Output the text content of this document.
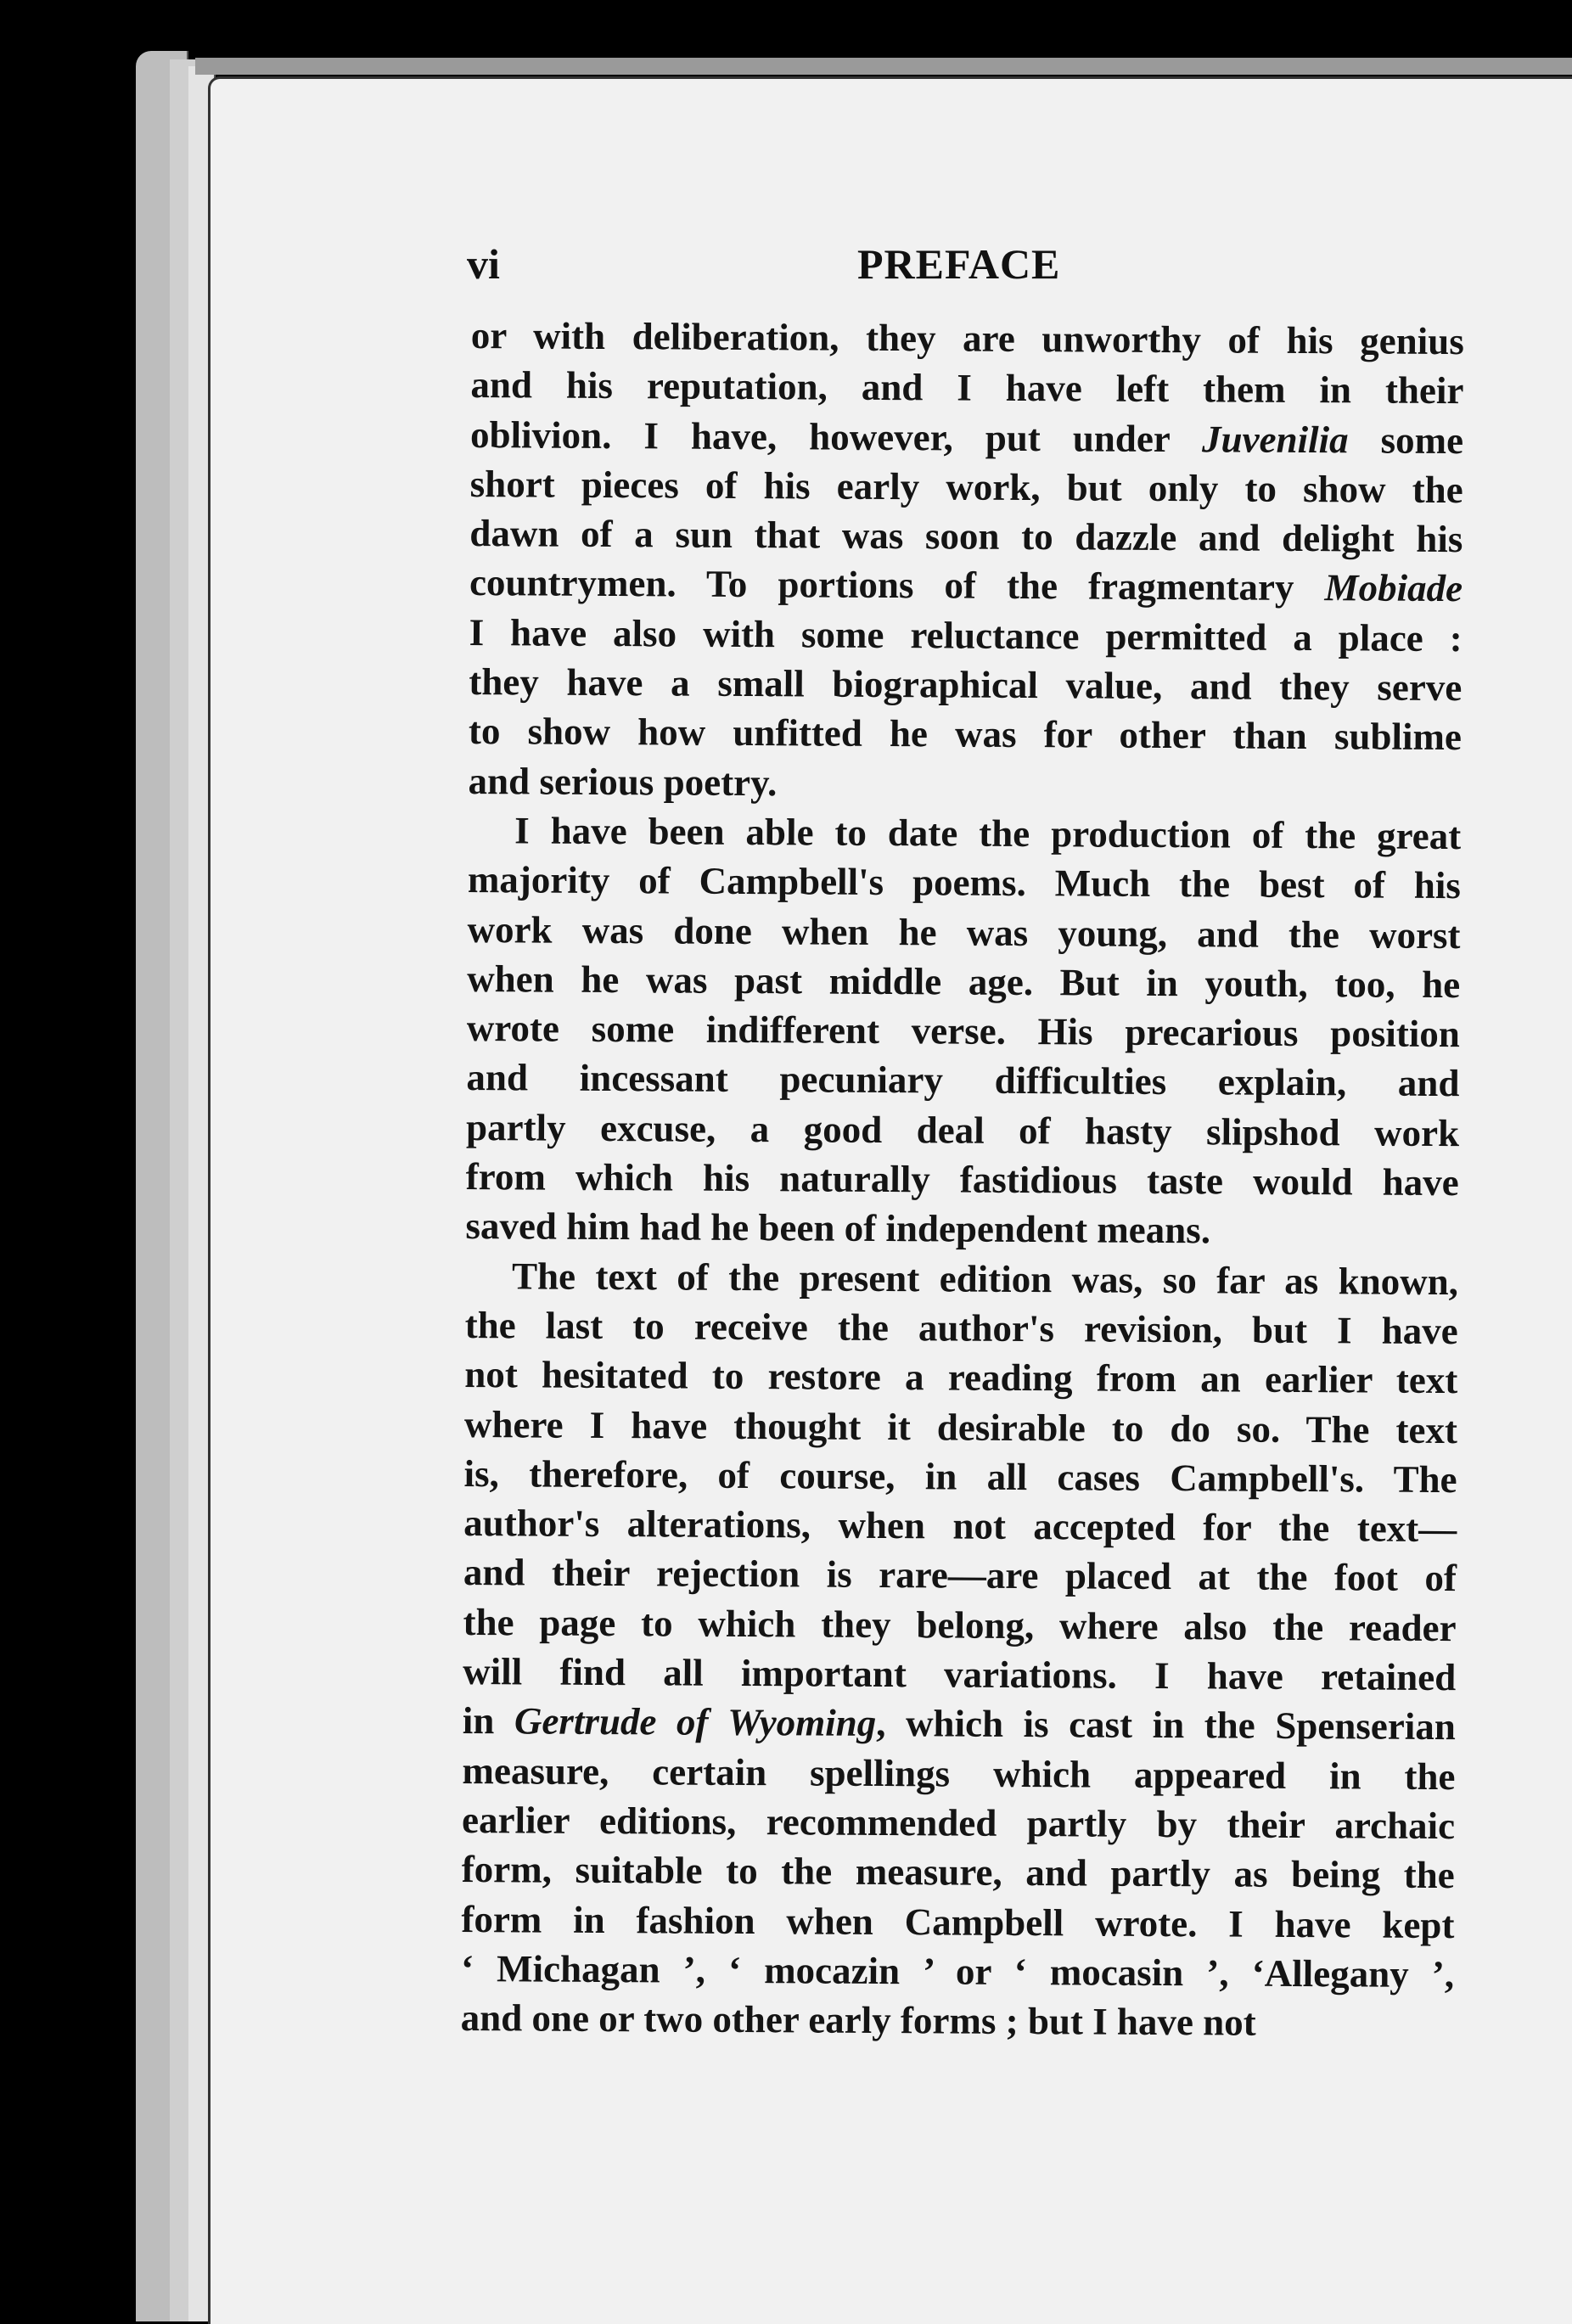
vi	PREFACE
or with deliberation, they are unworthy of his genius
and his reputation, and I have left them in their
oblivion. I have, however, put under Juvenilia some
short pieces of his early work, but only to show the
dawn of a sun that was soon to dazzle and delight his
countrymen. To portions of the fragmentary Mobiade
I have also with some reluctance permitted a place :
they have a small biographical value, and they serve
to show how unfitted he was for other than sublime
and serious poetry.
I have been able to date the production of the great
majority of Campbell's poems. Much the best of his
work was done when he was young, and the worst
when he was past middle age. But in youth, too, he
wrote some indifferent verse. His precarious position
and incessant pecuniary difficulties explain, and
partly excuse, a good deal of hasty slipshod work
from which his naturally fastidious taste would have
saved him had he been of independent means.
The text of the present edition was, so far as known,
the last to receive the author's revision, but I have
not hesitated to restore a reading from an earlier text
where I have thought it desirable to do so. The text
is, therefore, of course, in all cases Campbell's. The
author's alterations, when not accepted for the text—
and their rejection is rare—are placed at the foot of
the page to which they belong, where also the reader
will find all important variations. I have retained
in Gertrude of Wyoming, which is cast in the Spenserian
measure, certain spellings which appeared in the
earlier editions, recommended partly by their archaic
form, suitable to the measure, and partly as being the
form in fashion when Campbell wrote. I have kept
‘ Michagan ’, ‘ mocazin ’ or ‘ mocasin ’, ‘Allegany ’,
and one or two other early forms ; but I have not
